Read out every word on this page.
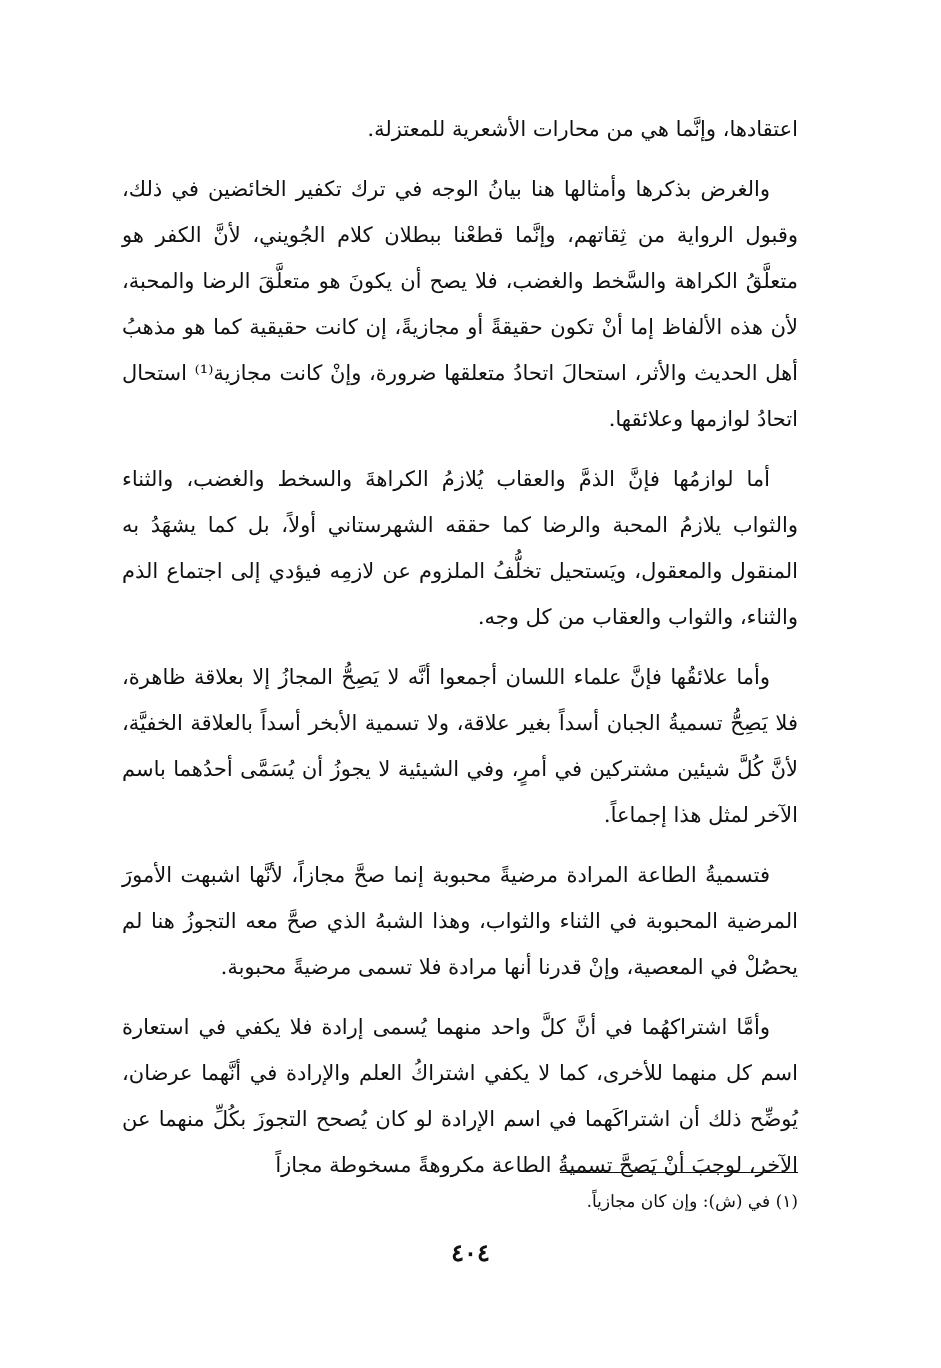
اعتقادها، وإنَّما هي من محارات الأشعرية للمعتزلة.

والغرض بذكرها وأمثالها هنا بيانُ الوجه في ترك تكفير الخائضين في ذلك، وقبول الرواية من ثِقاتهم، وإنَّما قطعْنا ببطلان كلام الجُويني، لأنَّ الكفر هو متعلَّقُ الكراهة والسَّخط والغضب، فلا يصح أن يكونَ هو متعلَّقَ الرضا والمحبة، لأن هذه الألفاظ إما أنْ تكون حقيقةً أو مجازيةً، إن كانت حقيقية كما هو مذهبُ أهل الحديث والأثر، استحالَ اتحادُ متعلقها ضرورة، وإنْ كانت مجازية⁽¹⁾ استحال اتحادُ لوازمها وعلائقها.

أما لوازمُها فإنَّ الذمَّ والعقاب يُلازمُ الكراهةَ والسخط والغضب، والثناء والثواب يلازمُ المحبة والرضا كما حققه الشهرستاني أولاً، بل كما يشهَدُ به المنقول والمعقول، ويَستحيل تخلُّفُ الملزوم عن لازمِه فيؤدي إلى اجتماع الذم والثناء، والثواب والعقاب من كل وجه.

وأما علائقُها فإنَّ علماء اللسان أجمعوا أنَّه لا يَصِحُّ المجازُ إلا بعلاقة ظاهرة، فلا يَصِحُّ تسميةُ الجبان أسداً بغير علاقة، ولا تسمية الأبخر أسداً بالعلاقة الخفيَّة، لأنَّ كُلَّ شيئين مشتركين في أمرٍ، وفي الشيئية لا يجوزُ أن يُسَمَّى أحدُهما باسم الآخر لمثل هذا إجماعاً.

فتسميةُ الطاعة المرادة مرضيةً محبوبة إنما صحَّ مجازاً، لأنَّها اشبهت الأمورَ المرضية المحبوبة في الثناء والثواب، وهذا الشبهُ الذي صحَّ معه التجوزُ هنا لم يحصُلْ في المعصية، وإنْ قدرنا أنها مرادة فلا تسمى مرضيةً محبوبة.

وأمَّا اشتراكهُما في أنَّ كلَّ واحد منهما يُسمى إرادة فلا يكفي في استعارة اسم كل منهما للأخرى، كما لا يكفي اشتراكُ العلم والإرادة في أنَّهما عرضان، يُوضِّح ذلك أن اشتراكَهما في اسم الإرادة لو كان يُصحح التجوزَ بكُلِّ منهما عن الآخر، لوجبَ أنْ يَصحَّ تسميةُ الطاعة مكروهةً مسخوطة مجازاً

(١) في (ش): وإن كان مجازياً.
٤٠٤
